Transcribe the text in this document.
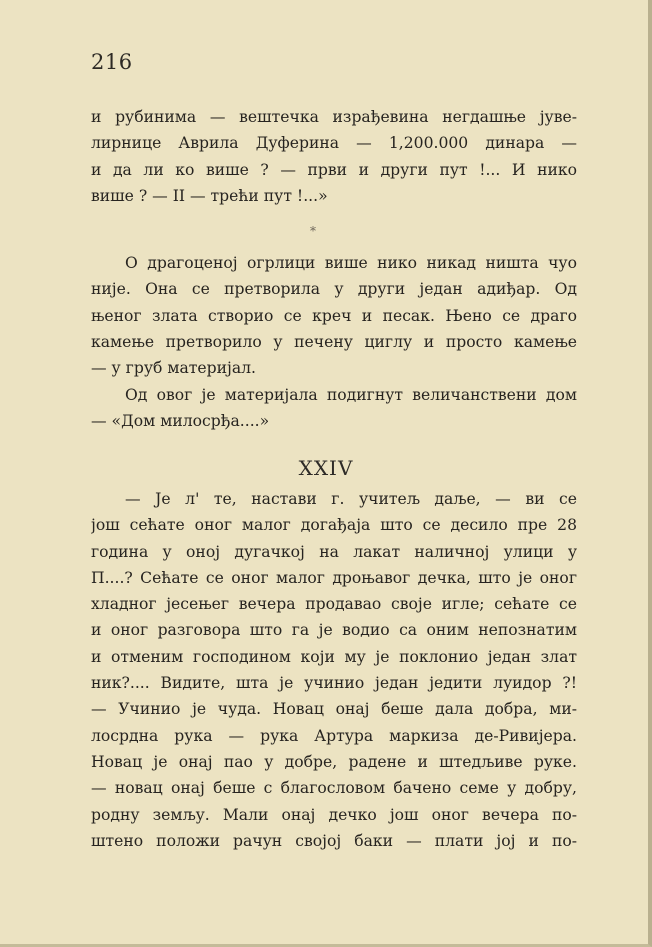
216
и рубинима — вештечка израђевина негдашње јуве-
лирнице Аврила Дуферина — 1,200.000 динара —
и да ли ко више ? — први и други пут !... И нико
више ? — II — трећи пут !...»
*
О драгоценој огрлици више нико никад ништа чуо
није. Она се претворила у други један адиђар. Од
њеног злата створио се креч и песак. Њено се драго
камење претворило у печену циглу и просто камење
— у груб материјал.
Од овог је материјала подигнут величанствени дом
— «Дом милосрђа....»
XXIV
— Је л' те, настави г. учитељ даље, — ви се
још сећате оног малог догађаја што се десило пре 28
година у оној дугачкој на лакат наличној улици у
П....? Сећате се оног малог дроњавог дечка, што је оног
хладног јесењег вечера продавао своје игле; сећате се
и оног разговора што га је водио са оним непознатим
и отменим господином који му је поклонио један злат
ник?.... Видите, шта је учинио један једити луидор ?!
— Учинио је чуда. Новац онај беше дала добра, ми-
лосрдна рука — рука Артура маркиза де-Ривијера.
Новац је онај пао у добре, радене и штедљиве руке.
— новац онај беше с благословом бачено семе у добру,
родну земљу. Мали онај дечко још оног вечера по-
штено положи рачун својој баки — плати јој и по-
